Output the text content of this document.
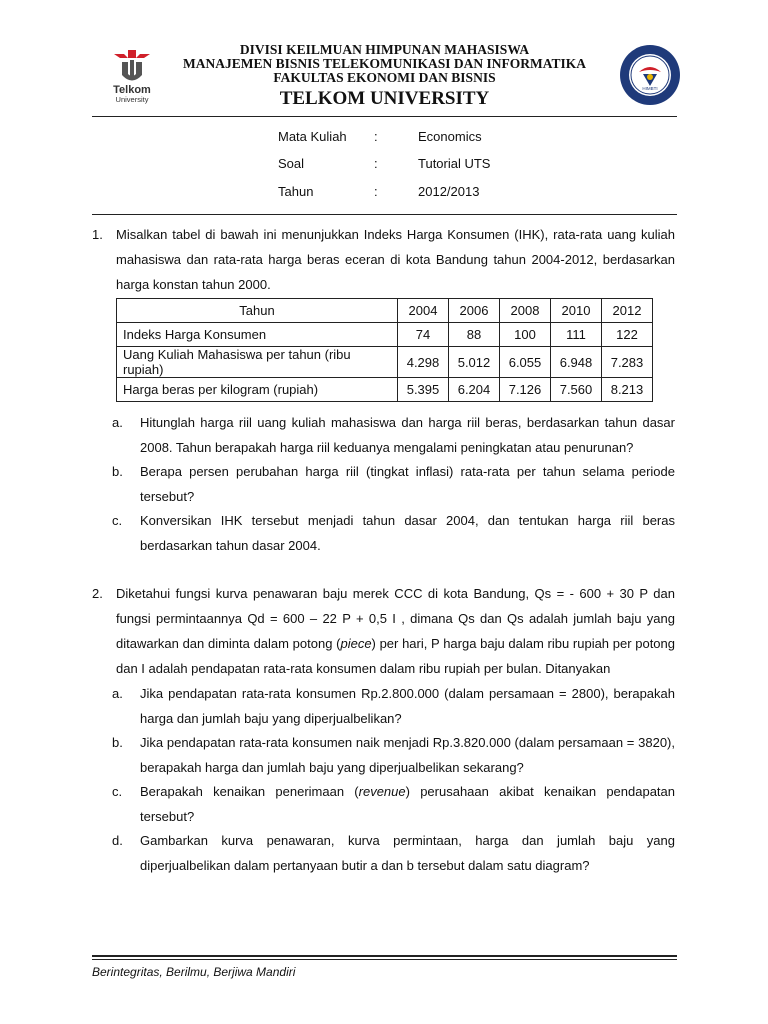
Telkom
University
DIVISI KEILMUAN HIMPUNAN MAHASISWA
MANAJEMEN BISNIS TELEKOMUNIKASI DAN INFORMATIKA
FAKULTAS EKONOMI DAN BISNIS
TELKOM UNIVERSITY	HIMBTI
Mata Kuliah :	Economics
Soal	:	Tutorial UTS
Tahun	:	2012/2013
1. Misalkan tabel di bawah ini menunjukkan Indeks Harga Konsumen (IHK), rata-rata uang kuliah mahasiswa dan rata-rata harga beras eceran di kota Bandung tahun 2004-2012, berdasarkan harga konstan tahun 2000.

Tahun	2004	2006	2008	2010	2012
Indeks Harga Konsumen	74	88	100	111	122
Uang Kuliah Mahasiswa per tahun (ribu rupiah)	4.298	5.012	6.055	6.948	7.283
Harga beras per kilogram (rupiah)	5.395	6.204	7.126	7.560	8.213
a. Hitunglah harga riil uang kuliah mahasiswa dan harga riil beras, berdasarkan tahun dasar 2008. Tahun berapakah harga riil keduanya mengalami peningkatan atau penurunan?
b. Berapa persen perubahan harga riil (tingkat inflasi) rata-rata per tahun selama periode tersebut?
c. Konversikan IHK tersebut menjadi tahun dasar 2004, dan tentukan harga riil beras berdasarkan tahun dasar 2004.
2. Diketahui fungsi kurva penawaran baju merek CCC di kota Bandung, Qs = - 600 + 30 P dan fungsi permintaannya Qd = 600 – 22 P + 0,5 I , dimana Qs dan Qs adalah jumlah baju yang ditawarkan dan diminta dalam potong (piece) per hari, P harga baju dalam ribu rupiah per potong dan I adalah pendapatan rata-rata konsumen dalam ribu rupiah per bulan. Ditanyakan

a. Jika pendapatan rata-rata konsumen Rp.2.800.000 (dalam persamaan = 2800), berapakah harga dan jumlah baju yang diperjualbelikan?
b. Jika pendapatan rata-rata konsumen naik menjadi Rp.3.820.000 (dalam persamaan = 3820), berapakah harga dan jumlah baju yang diperjualbelikan sekarang?
c. Berapakah kenaikan penerimaan (revenue) perusahaan akibat kenaikan pendapatan tersebut?
d. Gambarkan kurva penawaran, kurva permintaan, harga dan jumlah baju yang diperjualbelikan dalam pertanyaan butir a dan b tersebut dalam satu diagram?
Berintegritas, Berilmu, Berjiwa Mandiri
